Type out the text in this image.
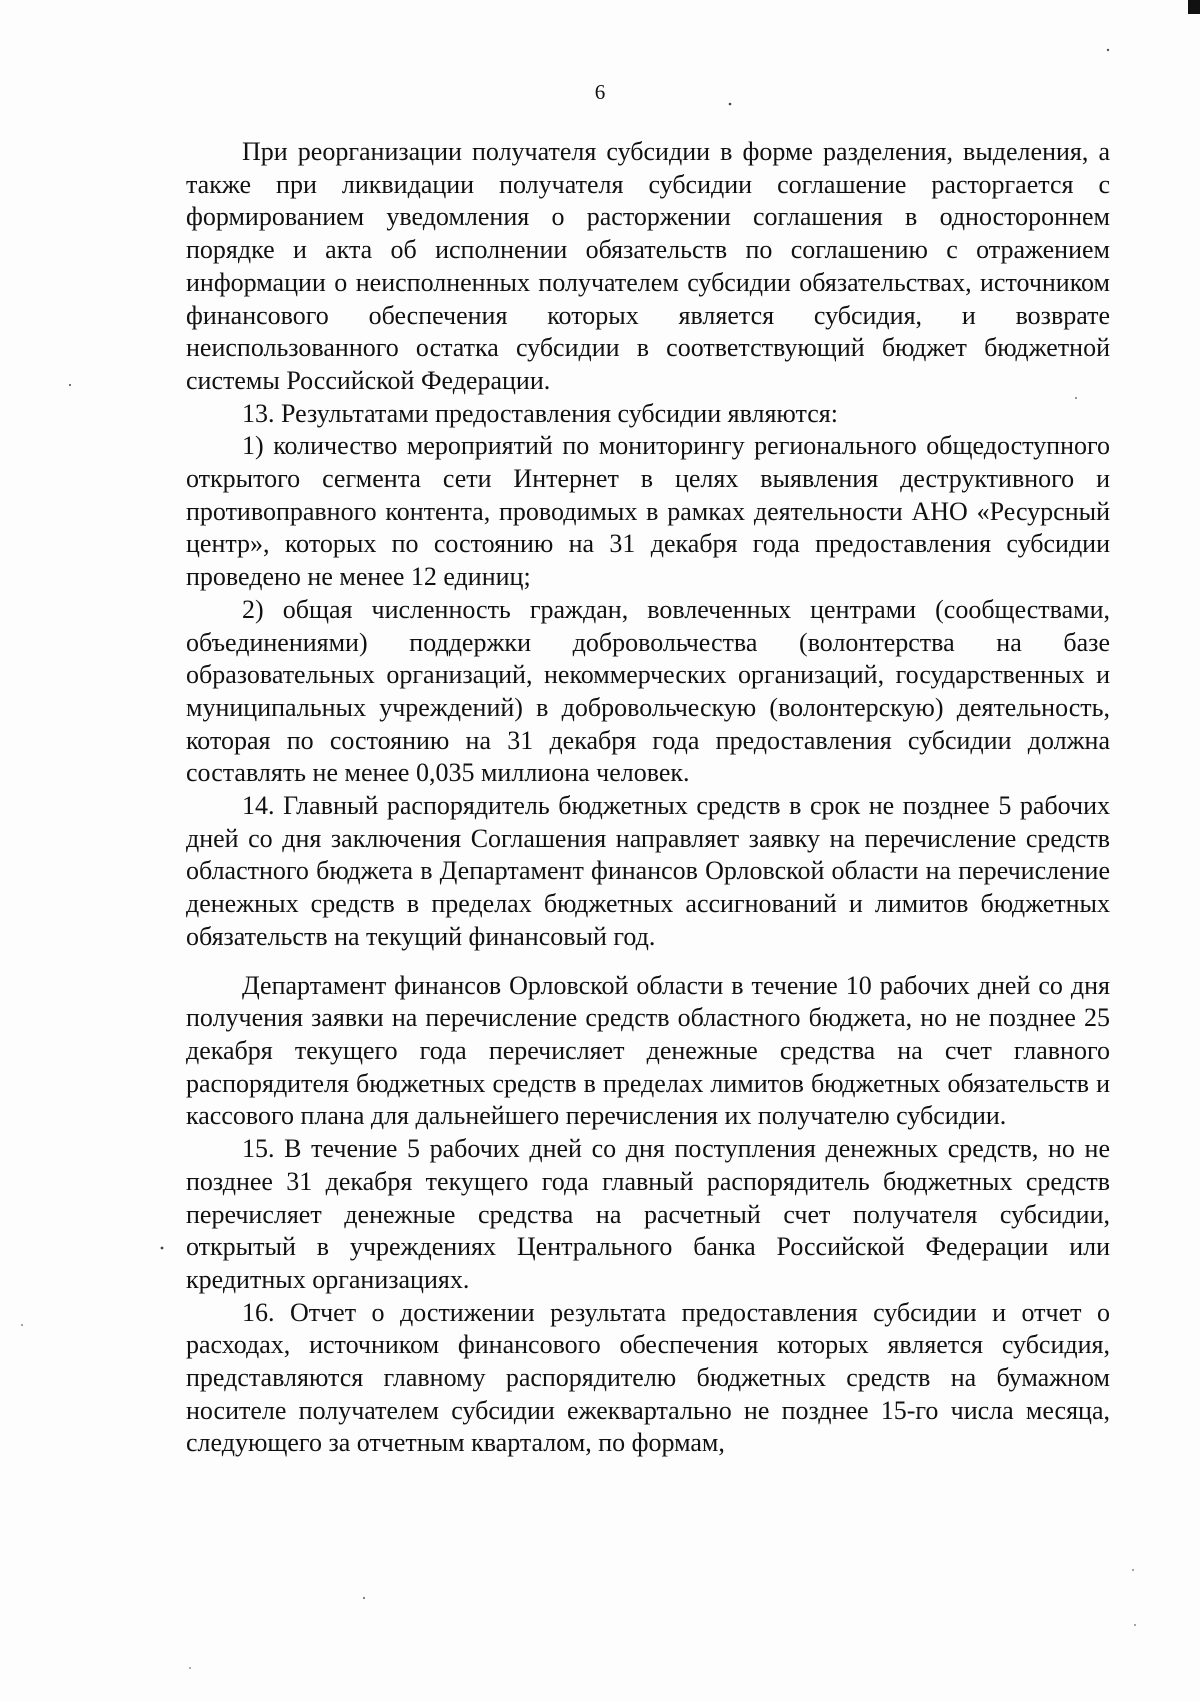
6

При реорганизации получателя субсидии в форме разделения, выделения, а также при ликвидации получателя субсидии соглашение расторгается с формированием уведомления о расторжении соглашения в одностороннем порядке и акта об исполнении обязательств по соглашению с отражением информации о неисполненных получателем субсидии обязательствах, источником финансового обеспечения которых является субсидия, и возврате неиспользованного остатка субсидии в соответствующий бюджет бюджетной системы Российской Федерации.

13. Результатами предоставления субсидии являются:

1) количество мероприятий по мониторингу регионального общедоступного открытого сегмента сети Интернет в целях выявления деструктивного и противоправного контента, проводимых в рамках деятельности АНО «Ресурсный центр», которых по состоянию на 31 декабря года предоставления субсидии проведено не менее 12 единиц;

2) общая численность граждан, вовлеченных центрами (сообществами, объединениями) поддержки добровольчества (волонтерства на базе образовательных организаций, некоммерческих организаций, государственных и муниципальных учреждений) в добровольческую (волонтерскую) деятельность, которая по состоянию на 31 декабря года предоставления субсидии должна составлять не менее 0,035 миллиона человек.

14. Главный распорядитель бюджетных средств в срок не позднее 5 рабочих дней со дня заключения Соглашения направляет заявку на перечисление средств областного бюджета в Департамент финансов Орловской области на перечисление денежных средств в пределах бюджетных ассигнований и лимитов бюджетных обязательств на текущий финансовый год.

Департамент финансов Орловской области в течение 10 рабочих дней со дня получения заявки на перечисление средств областного бюджета, но не позднее 25 декабря текущего года перечисляет денежные средства на счет главного распорядителя бюджетных средств в пределах лимитов бюджетных обязательств и кассового плана для дальнейшего перечисления их получателю субсидии.

15. В течение 5 рабочих дней со дня поступления денежных средств, но не позднее 31 декабря текущего года главный распорядитель бюджетных средств перечисляет денежные средства на расчетный счет получателя субсидии, открытый в учреждениях Центрального банка Российской Федерации или кредитных организациях.

16. Отчет о достижении результата предоставления субсидии и отчет о расходах, источником финансового обеспечения которых является субсидия, представляются главному распорядителю бюджетных средств на бумажном носителе получателем субсидии ежеквартально не позднее 15-го числа месяца, следующего за отчетным кварталом, по формам,
